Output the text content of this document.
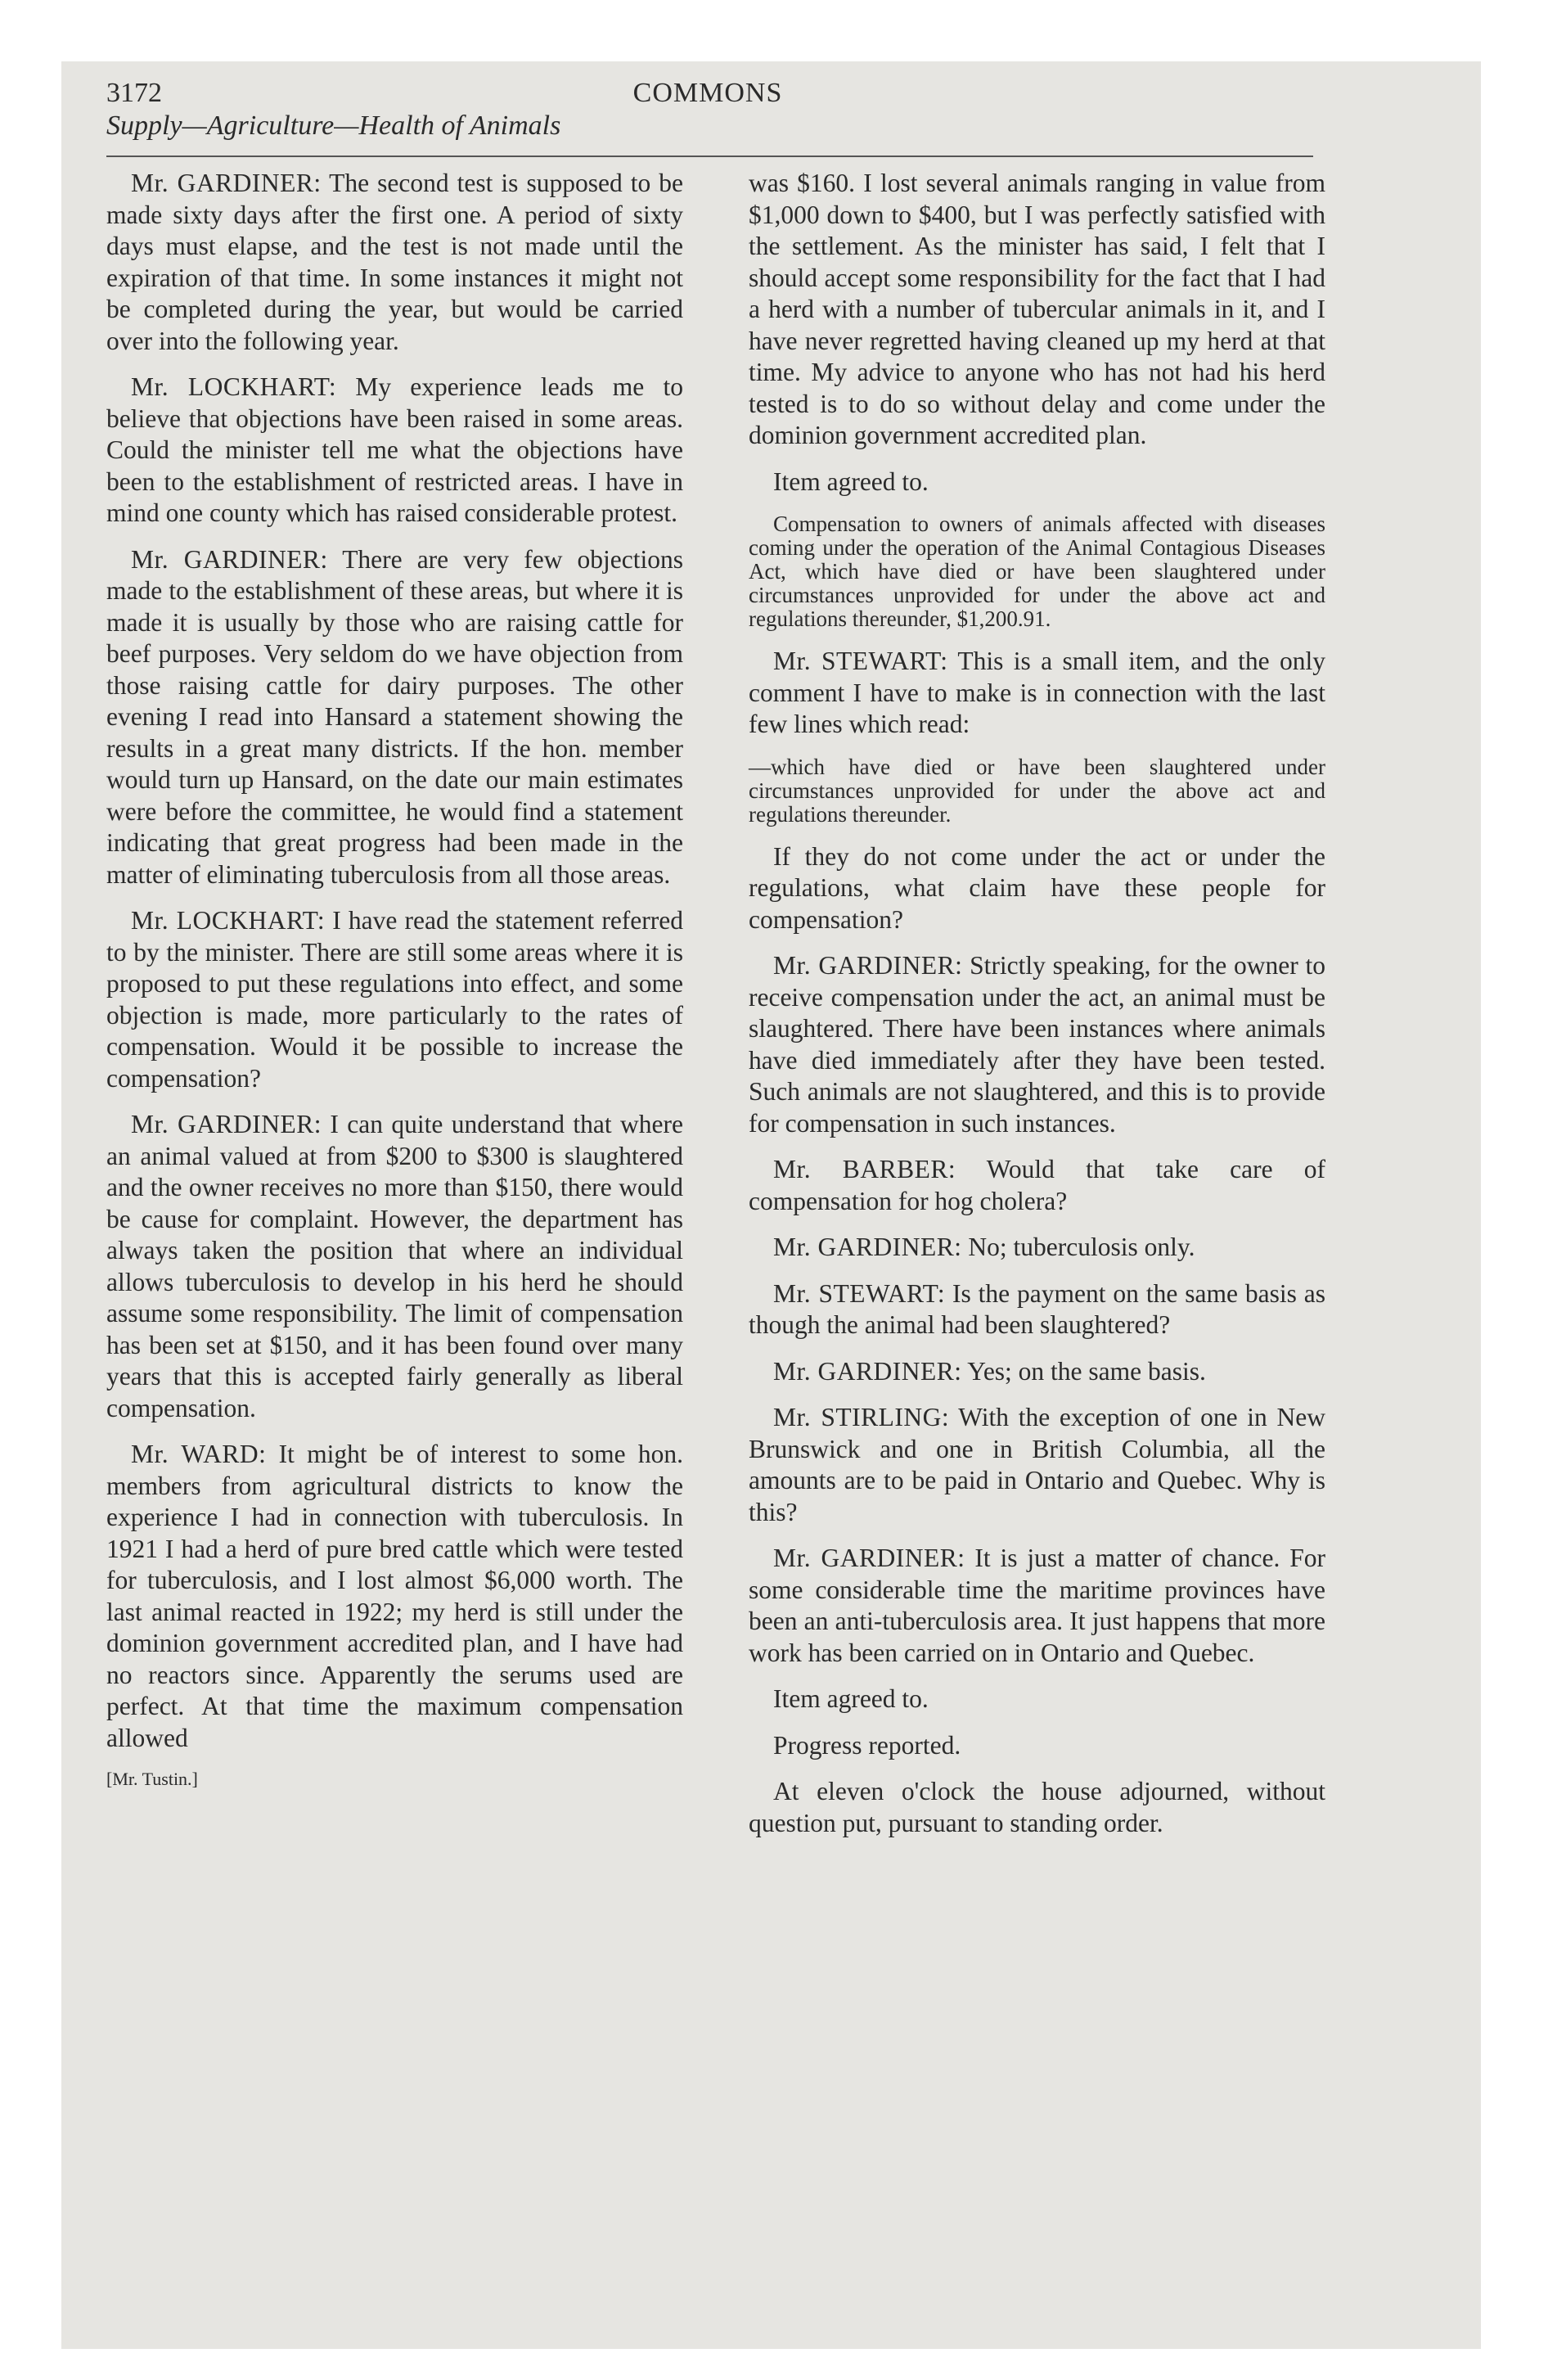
3172	COMMONS
Supply—Agriculture—Health of Animals

Mr. GARDINER: The second test is supposed to be made sixty days after the first one. A period of sixty days must elapse, and the test is not made until the expiration of that time. In some instances it might not be completed during the year, but would be carried over into the following year.

Mr. LOCKHART: My experience leads me to believe that objections have been raised in some areas. Could the minister tell me what the objections have been to the establishment of restricted areas. I have in mind one county which has raised considerable protest.

Mr. GARDINER: There are very few objections made to the establishment of these areas, but where it is made it is usually by those who are raising cattle for beef purposes. Very seldom do we have objection from those raising cattle for dairy purposes. The other evening I read into Hansard a statement showing the results in a great many districts. If the hon. member would turn up Hansard, on the date our main estimates were before the committee, he would find a statement indicating that great progress had been made in the matter of eliminating tuberculosis from all those areas.

Mr. LOCKHART: I have read the statement referred to by the minister. There are still some areas where it is proposed to put these regulations into effect, and some objection is made, more particularly to the rates of compensation. Would it be possible to increase the compensation?

Mr. GARDINER: I can quite understand that where an animal valued at from $200 to $300 is slaughtered and the owner receives no more than $150, there would be cause for complaint. However, the department has always taken the position that where an individual allows tuberculosis to develop in his herd he should assume some responsibility. The limit of compensation has been set at $150, and it has been found over many years that this is accepted fairly generally as liberal compensation.

Mr. WARD: It might be of interest to some hon. members from agricultural districts to know the experience I had in connection with tuberculosis. In 1921 I had a herd of pure bred cattle which were tested for tuberculosis, and I lost almost $6,000 worth. The last animal reacted in 1922; my herd is still under the dominion government accredited plan, and I have had no reactors since. Apparently the serums used are perfect. At that time the maximum compensation allowed

[Mr. Tustin.]

was $160. I lost several animals ranging in value from $1,000 down to $400, but I was perfectly satisfied with the settlement. As the minister has said, I felt that I should accept some responsibility for the fact that I had a herd with a number of tubercular animals in it, and I have never regretted having cleaned up my herd at that time. My advice to anyone who has not had his herd tested is to do so without delay and come under the dominion government accredited plan.

Item agreed to.

Compensation to owners of animals affected with diseases coming under the operation of the Animal Contagious Diseases Act, which have died or have been slaughtered under circumstances unprovided for under the above act and regulations thereunder, $1,200.91.

Mr. STEWART: This is a small item, and the only comment I have to make is in connection with the last few lines which read:

—which have died or have been slaughtered under circumstances unprovided for under the above act and regulations thereunder.

If they do not come under the act or under the regulations, what claim have these people for compensation?

Mr. GARDINER: Strictly speaking, for the owner to receive compensation under the act, an animal must be slaughtered. There have been instances where animals have died immediately after they have been tested. Such animals are not slaughtered, and this is to provide for compensation in such instances.

Mr. BARBER: Would that take care of compensation for hog cholera?

Mr. GARDINER: No; tuberculosis only.

Mr. STEWART: Is the payment on the same basis as though the animal had been slaughtered?

Mr. GARDINER: Yes; on the same basis.

Mr. STIRLING: With the exception of one in New Brunswick and one in British Columbia, all the amounts are to be paid in Ontario and Quebec. Why is this?

Mr. GARDINER: It is just a matter of chance. For some considerable time the maritime provinces have been an anti-tuberculosis area. It just happens that more work has been carried on in Ontario and Quebec.

Item agreed to.

Progress reported.

At eleven o'clock the house adjourned, without question put, pursuant to standing order.
